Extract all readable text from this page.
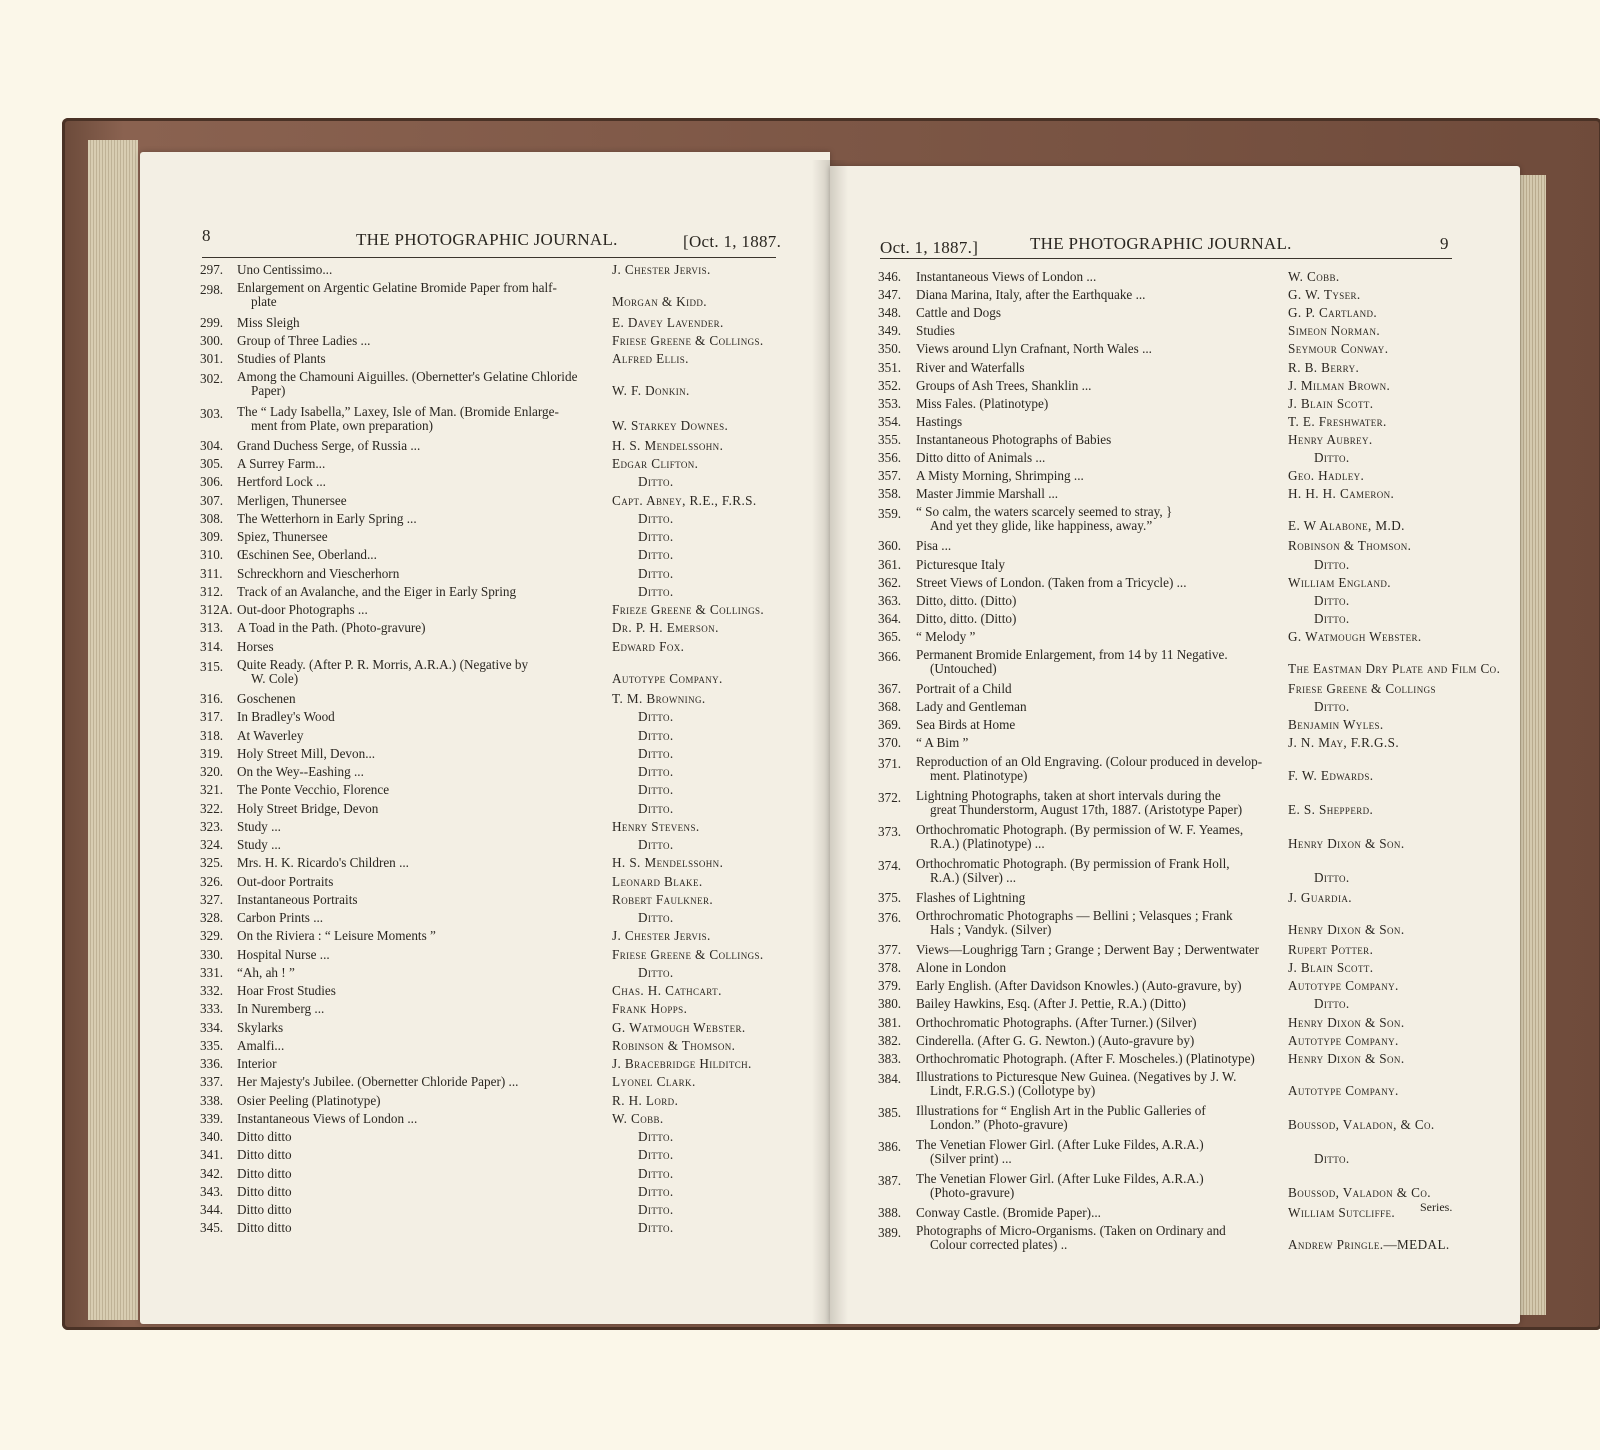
8	THE PHOTOGRAPHIC JOURNAL.	[Oct. 1, 1887.	Oct. 1, 1887.]	THE PHOTOGRAPHIC JOURNAL.	9
297. Uno Centissimo...	J. Chester Jervis.
298. Enlargement on Argentic Gelatine Bromide Paper from half-
plate	Morgan & Kidd.
299. Miss Sleigh	E. Davey Lavender.
300. Group of Three Ladies ...	Friese Greene & Collings.
301. Studies of Plants	Alfred Ellis.
302. Among the Chamouni Aiguilles. (Obernetter's Gelatine Chloride
Paper)	W. F. Donkin.
303. The “ Lady Isabella,” Laxey, Isle of Man. (Bromide Enlarge-
ment from Plate, own preparation)	W. Starkey Downes.
304. Grand Duchess Serge, of Russia ...	H. S. Mendelssohn.
305. A Surrey Farm...	Edgar Clifton.
306. Hertford Lock ...	Ditto.
307. Merligen, Thunersee	Capt. Abney, R.E., F.R.S.
308. The Wetterhorn in Early Spring ...	Ditto.
309. Spiez, Thunersee	Ditto.
310. Œschinen See, Oberland...	Ditto.
311. Schreckhorn and Viescherhorn	Ditto.
312. Track of an Avalanche, and the Eiger in Early Spring	Ditto.
312A. Out-door Photographs ...	Frieze Greene & Collings.
313. A Toad in the Path. (Photo-gravure)	Dr. P. H. Emerson.
314. Horses	Edward Fox.
315. Quite Ready. (After P. R. Morris, A.R.A.) (Negative by
W. Cole)	Autotype Company.
316. Goschenen	T. M. Browning.
317. In Bradley's Wood	Ditto.
318. At Waverley	Ditto.
319. Holy Street Mill, Devon...	Ditto.
320. On the Wey--Eashing ...	Ditto.
321. The Ponte Vecchio, Florence	Ditto.
322. Holy Street Bridge, Devon	Ditto.
323. Study ...	Henry Stevens.
324. Study ...	Ditto.
325. Mrs. H. K. Ricardo's Children ...	H. S. Mendelssohn.
326. Out-door Portraits	Leonard Blake.
327. Instantaneous Portraits	Robert Faulkner.
328. Carbon Prints ...	Ditto.
329. On the Riviera : “ Leisure Moments ”	J. Chester Jervis.
330. Hospital Nurse ...	Friese Greene & Collings.
331. “Ah, ah ! ”	Ditto.
332. Hoar Frost Studies	Chas. H. Cathcart.
333. In Nuremberg ...	Frank Hopps.
334. Skylarks	G. Watmough Webster.
335. Amalfi...	Robinson & Thomson.
336. Interior	J. Bracebridge Hilditch.
337. Her Majesty's Jubilee. (Obernetter Chloride Paper) ...	Lyonel Clark.
338. Osier Peeling (Platinotype)	R. H. Lord.
339. Instantaneous Views of London ...	W. Cobb.
340. Ditto ditto	Ditto.
341. Ditto ditto	Ditto.
342. Ditto ditto	Ditto.
343. Ditto ditto	Ditto.
344. Ditto ditto	Ditto.
345. Ditto ditto	Ditto.
346. Instantaneous Views of London ...	W. Cobb.
347. Diana Marina, Italy, after the Earthquake ...	G. W. Tyser.
348. Cattle and Dogs	G. P. Cartland.
349. Studies	Simeon Norman.
350. Views around Llyn Crafnant, North Wales ...	Seymour Conway.
351. River and Waterfalls	R. B. Berry.
352. Groups of Ash Trees, Shanklin ...	J. Milman Brown.
353. Miss Fales. (Platinotype)	J. Blain Scott.
354. Hastings	T. E. Freshwater.
355. Instantaneous Photographs of Babies	Henry Aubrey.
356. Ditto ditto of Animals ...	Ditto.
357. A Misty Morning, Shrimping ...	Geo. Hadley.
358. Master Jimmie Marshall ...	H. H. H. Cameron.
359. “ So calm, the waters scarcely seemed to stray, }
And yet they glide, like happiness, away.”	E. W Alabone, M.D.
360. Pisa ...	Robinson & Thomson.
361. Picturesque Italy	Ditto.
362. Street Views of London. (Taken from a Tricycle) ...	William England.
363. Ditto, ditto. (Ditto)	Ditto.
364. Ditto, ditto. (Ditto)	Ditto.
365. “ Melody ”	G. Watmough Webster.
366. Permanent Bromide Enlargement, from 14 by 11 Negative.
(Untouched)	The Eastman Dry Plate and Film Co.
367. Portrait of a Child	Friese Greene & Collings
368. Lady and Gentleman	Ditto.
369. Sea Birds at Home	Benjamin Wyles.
370. “ A Bim ”	J. N. May, F.R.G.S.
371. Reproduction of an Old Engraving. (Colour produced in develop-
ment. Platinotype)	F. W. Edwards.
372. Lightning Photographs, taken at short intervals during the
great Thunderstorm, August 17th, 1887. (Aristotype Paper)	E. S. Shepperd.
373. Orthochromatic Photograph. (By permission of W. F. Yeames,
R.A.) (Platinotype) ...	Henry Dixon & Son.
374. Orthochromatic Photograph. (By permission of Frank Holl,
R.A.) (Silver) ...	Ditto.
375. Flashes of Lightning	J. Guardia.
376. Orthrochromatic Photographs — Bellini ; Velasques ; Frank
Hals ; Vandyk. (Silver)	Henry Dixon & Son.
377. Views—Loughrigg Tarn ; Grange ; Derwent Bay ; Derwentwater	Rupert Potter.
378. Alone in London	J. Blain Scott.
379. Early English. (After Davidson Knowles.) (Auto-gravure, by)	Autotype Company.
380. Bailey Hawkins, Esq. (After J. Pettie, R.A.) (Ditto)	Ditto.
381. Orthochromatic Photographs. (After Turner.) (Silver)	Henry Dixon & Son.
382. Cinderella. (After G. G. Newton.) (Auto-gravure by)	Autotype Company.
383. Orthochromatic Photograph. (After F. Moscheles.) (Platinotype)	Henry Dixon & Son.
384. Illustrations to Picturesque New Guinea. (Negatives by J. W.
Lindt, F.R.G.S.) (Collotype by)	Autotype Company.
385. Illustrations for “ English Art in the Public Galleries of
London.” (Photo-gravure)	Boussod, Valadon, & Co.
386. The Venetian Flower Girl. (After Luke Fildes, A.R.A.)
(Silver print) ...	Ditto.
387. The Venetian Flower Girl. (After Luke Fildes, A.R.A.)
(Photo-gravure)	Boussod, Valadon & Co.
388. Conway Castle. (Bromide Paper)...	William Sutcliffe.
389. Photographs of Micro-Organisms. (Taken on Ordinary and
Colour corrected plates) ..	Andrew Pringle.—MEDAL.
Series.
